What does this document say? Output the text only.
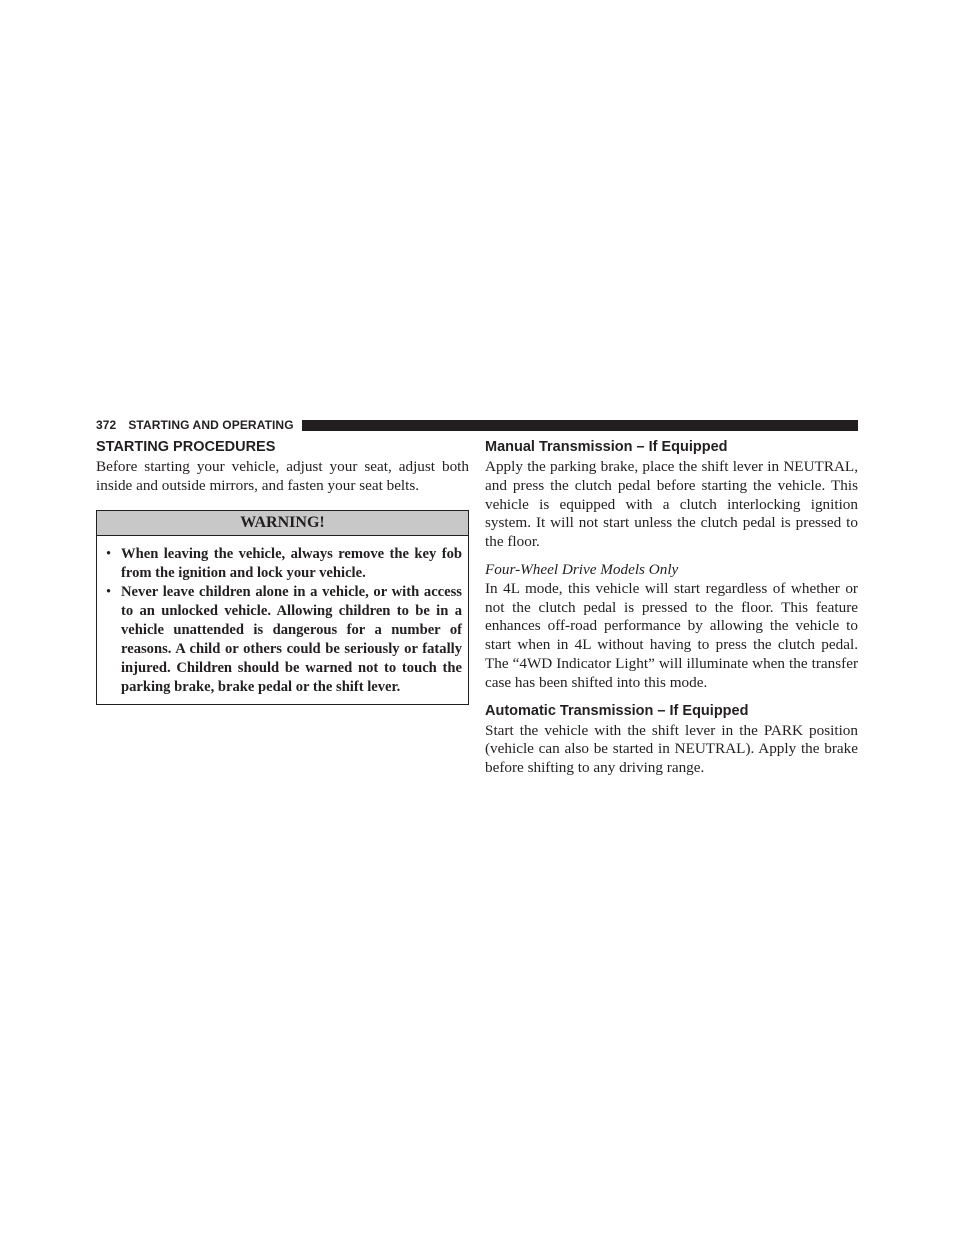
372 STARTING AND OPERATING
STARTING PROCEDURES

Before starting your vehicle, adjust your seat, adjust both inside and outside mirrors, and fasten your seat belts.

WARNING!
• When leaving the vehicle, always remove the key fob from the ignition and lock your vehicle.
• Never leave children alone in a vehicle, or with access to an unlocked vehicle. Allowing children to be in a vehicle unattended is dangerous for a number of reasons. A child or others could be seriously or fatally injured. Children should be warned not to touch the parking brake, brake pedal or the shift lever.
Manual Transmission – If Equipped

Apply the parking brake, place the shift lever in NEUTRAL, and press the clutch pedal before starting the vehicle. This vehicle is equipped with a clutch interlocking ignition system. It will not start unless the clutch pedal is pressed to the floor.

Four-Wheel Drive Models Only

In 4L mode, this vehicle will start regardless of whether or not the clutch pedal is pressed to the floor. This feature enhances off-road performance by allowing the vehicle to start when in 4L without having to press the clutch pedal. The “4WD Indicator Light” will illuminate when the transfer case has been shifted into this mode.

Automatic Transmission – If Equipped

Start the vehicle with the shift lever in the PARK position (vehicle can also be started in NEUTRAL). Apply the brake before shifting to any driving range.
